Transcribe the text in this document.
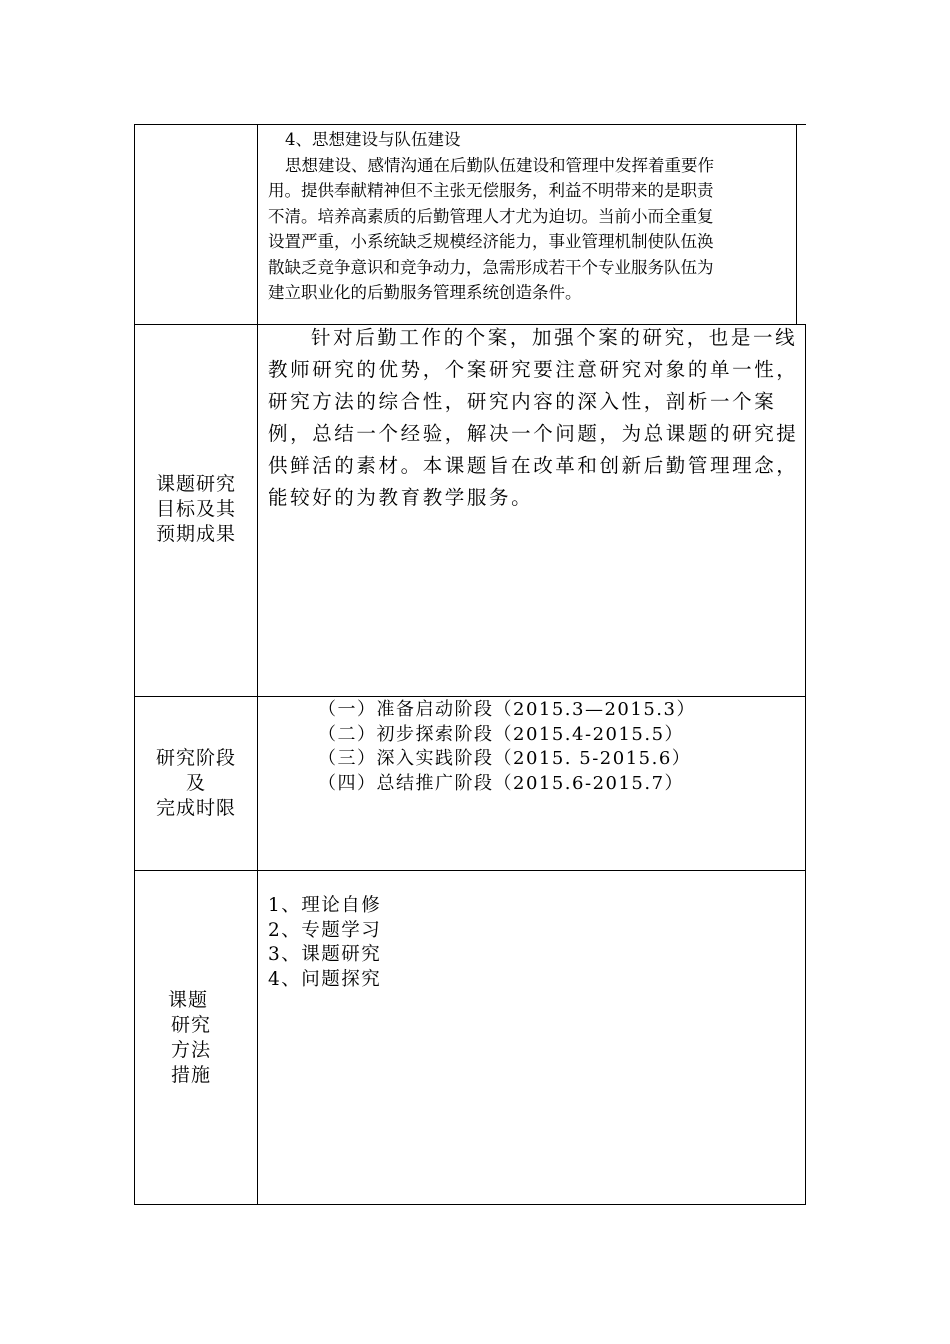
4、思想建设与队伍建设
思想建设、感情沟通在后勤队伍建设和管理中发挥着重要作
用。提供奉献精神但不主张无偿服务，利益不明带来的是职责
不清。培养高素质的后勤管理人才尤为迫切。当前小而全重复
设置严重，小系统缺乏规模经济能力，事业管理机制使队伍涣
散缺乏竞争意识和竞争动力，急需形成若干个专业服务队伍为
建立职业化的后勤服务管理系统创造条件。
课题研究
目标及其
预期成果
针对后勤工作的个案，加强个案的研究，也是一线
教师研究的优势，个案研究要注意研究对象的单一性，
研究方法的综合性，研究内容的深入性，剖析一个案
例，总结一个经验，解决一个问题，为总课题的研究提
供鲜活的素材。本课题旨在改革和创新后勤管理理念，
能较好的为教育教学服务。
研究阶段
及
完成时限
（一）准备启动阶段（2015.3—2015.3）
（二）初步探索阶段（2015.4-2015.5）
（三）深入实践阶段（2015. 5-2015.6）
（四）总结推广阶段（2015.6-2015.7）
课题
研究
方法
措施
1、理论自修
2、专题学习
3、课题研究
4、问题探究
